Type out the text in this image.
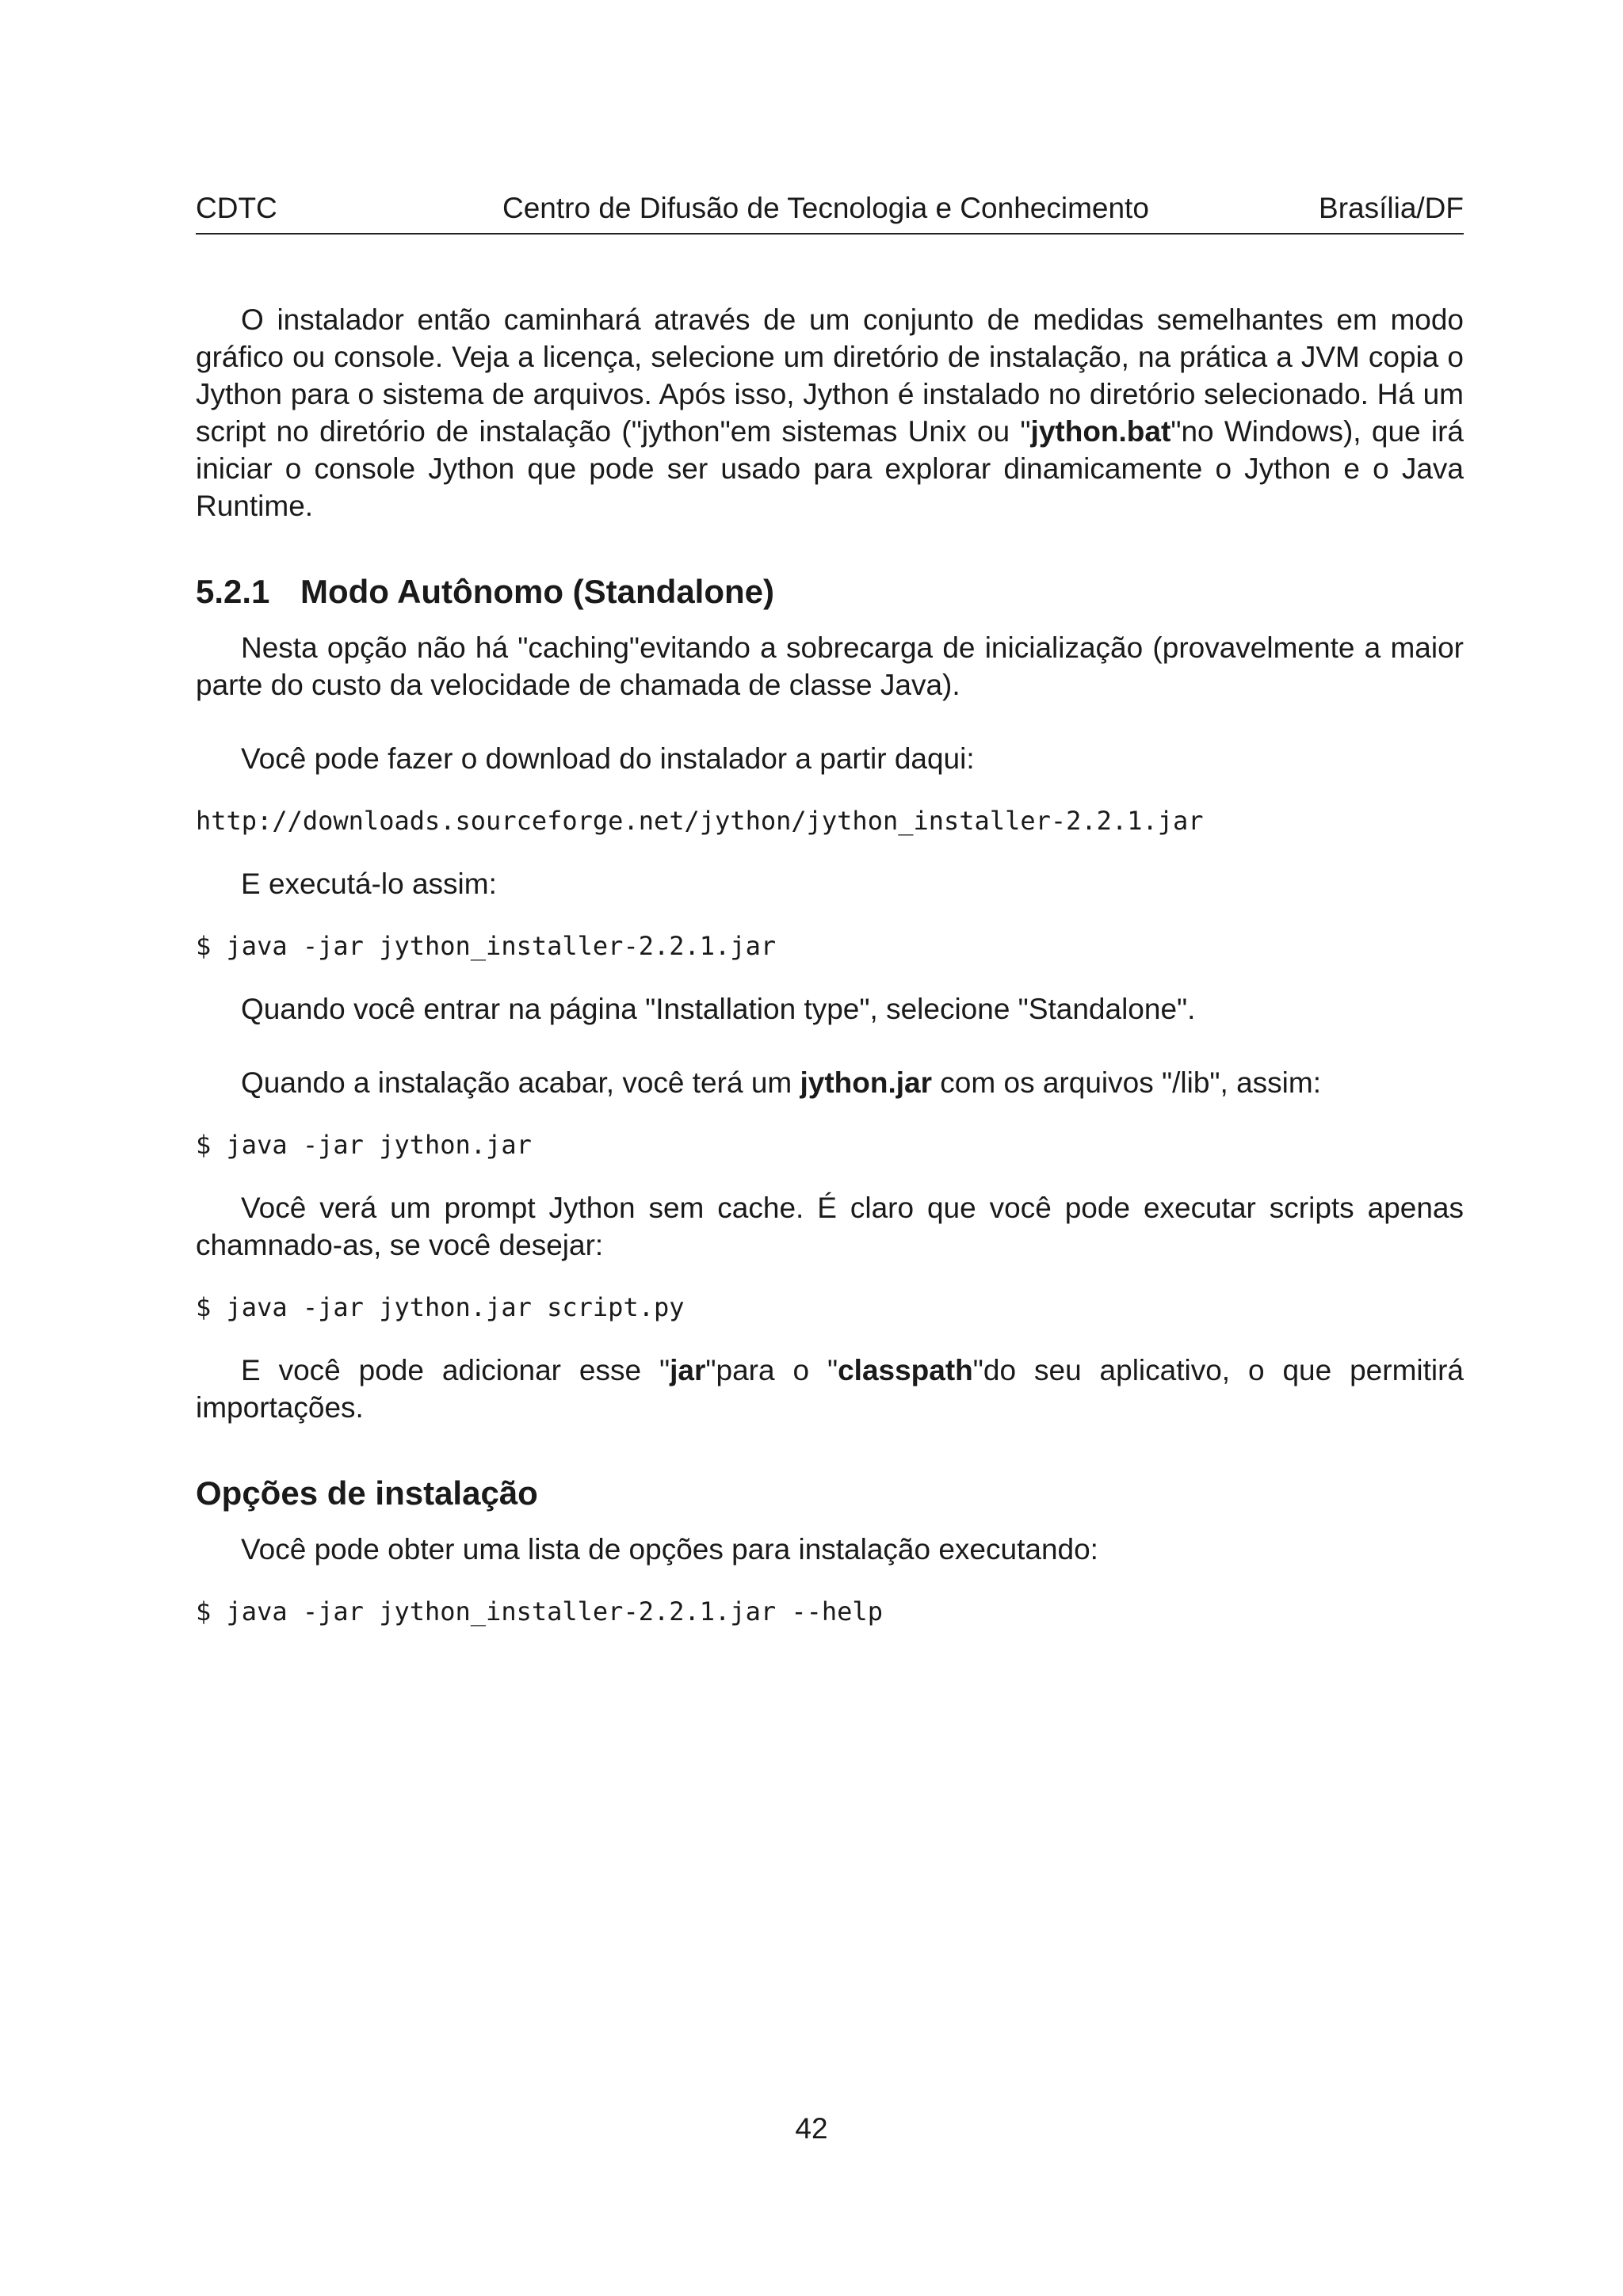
CDTC	Centro de Difusão de Tecnologia e Conhecimento	Brasília/DF

O instalador então caminhará através de um conjunto de medidas semelhantes em modo gráfico ou console. Veja a licença, selecione um diretório de instalação, na prática a JVM copia o Jython para o sistema de arquivos. Após isso, Jython é instalado no diretório selecionado. Há um script no diretório de instalação ("jython"em sistemas Unix ou "jython.bat"no Windows), que irá iniciar o console Jython que pode ser usado para explorar dinamicamente o Jython e o Java Runtime.

5.2.1 Modo Autônomo (Standalone)

Nesta opção não há "caching"evitando a sobrecarga de inicialização (provavelmente a maior parte do custo da velocidade de chamada de classe Java).

Você pode fazer o download do instalador a partir daqui:

http://downloads.sourceforge.net/jython/jython_installer-2.2.1.jar

E executá-lo assim:

$ java -jar jython_installer-2.2.1.jar

Quando você entrar na página "Installation type", selecione "Standalone".

Quando a instalação acabar, você terá um jython.jar com os arquivos "/lib", assim:

$ java -jar jython.jar

Você verá um prompt Jython sem cache. É claro que você pode executar scripts apenas chamnado-as, se você desejar:

$ java -jar jython.jar script.py

E você pode adicionar esse "jar"para o "classpath"do seu aplicativo, o que permitirá importações.

Opções de instalação

Você pode obter uma lista de opções para instalação executando:

$ java -jar jython_installer-2.2.1.jar --help

42
